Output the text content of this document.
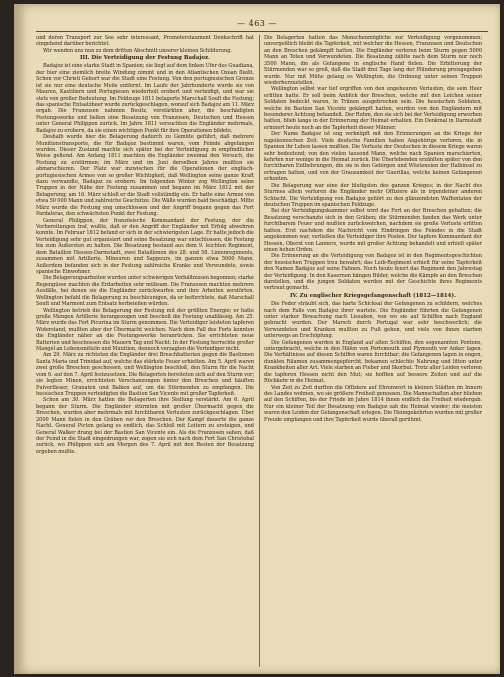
— 463 —

und deren Transport zur See sehr interessant, Prometerstaument Denkschrift hat eingehend darüber berichtet.

Wir wenden uns nun zu dem dritten Abschnitt unserer kleinen Schilderung.

III. Die Verteidigung der Festung Badajoz.

Badajoz ist eine starke Stadt in Spanien; sie liegt auf dem linken Ufer des Guadiana, der hier eine ziemlich breite Windung nimmt und in den Atlantischen Ozean fließt. Schon vor Christi Geburt war die Stadt eine Festung. Von den portugiesischen Grenze ist sie nur eine deutsche Meile entfernt. Im Laufe der Jahrhunderte wurde sie von Mauren, Kastiliern und Portugiesen wiederholt erobert und verteidigt, und war sie stets von großer Bedeutung. Im Feldzuge 1811 belagerte Marschall Soult die Festung; das spanische Entsatzheer wurde zurückgeschlagen, worauf sich Badajoz am 11. März ergab. Die Franzosen nahmen Besitz, verstärkten aber, die beschädigten Festungswerke und ließen eine Besatzung von Franzosen, Deutschen und Hessen unter General Philippon zurück. Im Jahre 1811 versuchten die Engländer mehrmals, Badajoz zu erobern, da sie einen wichtigen Punkt für ihre Operationen bildete.

Deshalb wurde hier die Belagerung dadurch zu Gemüte geführt, daß mehrere Munitionstransporte, die für Badajoz bestimmt waren, vom Feinde abgefangen wurden. Dieser Zustand machte sich später bei der Verteidigung in empfindlicher Weise geltend. Am Anfang 1811 machten die Engländer zweimal den Versuch, die Festung zu erstürmen; im März und im Juni derselben Jahres mußten sie abmarschieren. Der Platz war inzwischen für die Operationen der englisch-portugiesischen Armee von so großer Wichtigkeit, daß Wellington seine ganze Kraft dazu verwandte, Badajoz zu erobern. Im folgenden Winter zog Wellington seine Truppen in der Nähe der Festung zusammen und begann im März 1812 mit der Belagerung; am 16. März schloß er die Stadt vollständig ein. Er hatte eine Armee von etwa 50 000 Mann und zahlreiche Geschütze. Die Wälle wurden bald beschädigt. Mitte März wurde die Festung eng umschlossen und der Angriff begann gegen das Fort Pardaleras, den schwächsten Punkt der Festung.

General Philippon, der französische Kommandant der Festung, der die Vorbereitungen traf, wußte, daß er den Angriff der Engländer mit Erfolg abwehren konnte. Im Februar 1812 befand er sich in der schwierigsten Lage. Er hatte jedoch die Verteidigung sehr gut organisiert und seine Besatzung war entschlossen, die Festung bis zum Äußersten zu halten. Die Besatzung bestand aus dem 9. leichten Regiment, dem Bataillon Hessen-Darmstadt, zwei Bataillonen des 28. und 58. Linienregiments, zusammen mit Artillerie, Mineuren und Sappeurs, im ganzen etwa 5000 Mann. Außerdem befanden sich in der Festung zahlreiche Kranke und Verwundete, sowie spanische Einwohner.

Die Belagerungsarbeiten wurden unter schwierigen Verhältnissen begonnen; starke Regengüsse machten die Erdarbeiten sehr mühsam. Die Franzosen machten mehrere Ausfälle, bei denen sie die Engländer zurückwarfen und ihre Arbeiten zerstörten. Wellington befahl die Belagerung zu beschleunigen, da er befürchtete, daß Marschall Soult und Marmont zum Entsatz herbeieilen würden.

Wellington betrieb die Belagerung der Festung mit der größten Energie; er hatte große Mengen Artillerie herangezogen und beschoß die Festung unablässig. Am 25. März wurde das Fort Picurina im Sturm genommen. Die Verteidiger leisteten tapferen Widerstand, mußten aber der Übermacht weichen. Nach dem Fall des Forts konnten die Engländer näher an die Festungswerke heranrücken. Sie errichteten neue Batterien und beschossen die Mauern Tag und Nacht. In der Festung herrschte großer Mangel an Lebensmitteln und Munition, dennoch verzagten die Verteidiger nicht.

Am 29. März zu richteten die Engländer drei Breschbatterien gegen die Bastionen Santa Maria und Trinidad auf, welche das stärkste Feuer erhielten. Am 5. April waren zwei große Breschen geschossen, und Wellington beschloß, den Sturm für die Nacht vom 6. auf den 7. April festzusetzen. Die Belagerten bereiteten sich auf den Sturm vor; sie legten Minen, errichteten Verschanzungen hinter den Breschen und häuften Pulverfässer, Granaten und Balken auf, um die Stürmenden zu empfangen. Die hessischen Truppen verteidigten die Bastion San Vicente mit großer Tapferkeit.

Schon am 30. März hatten die Belagerten ihre Stellung verstärkt. Am 6. April begann der Sturm. Die Engländer stürmten mit großer Übermacht gegen die Breschen, wurden aber mehrmals mit furchtbaren Verlusten zurückgeschlagen. Über 2000 Mann fielen in den Gräben vor den Breschen. Der Kampf dauerte die ganze Nacht. General Picton gelang es endlich, das Schloß mit Leitern zu ersteigen, und General Walker drang bei der Bastion San Vicente ein. Als die Franzosen sahen, daß der Feind in die Stadt eingedrungen war, zogen sie sich nach dem Fort San Christobal zurück, wo Philippon sich am Morgen des 7. April mit den Resten der Besatzung ergeben mußte.

Die Belagerten hatten das Menschenmögliche zur Verteidigung vorgenommen; unvergeßlich bleibt die Tapferkeit, mit welcher die Hessen, Franzosen und Deutschen an den Breschen gekämpft hatten. Die Engländer verloren beim Sturm gegen 5000 Mann an Toten und Verwundeten. Die Besatzung zählte nach dem Sturm nur noch 3500 Mann, die als Gefangene in englische Hand fielen. Die Erbitterung der Stürmenden war so groß, daß die Stadt drei Tage lang der Plünderung preisgegeben wurde. Nur mit Mühe gelang es Wellington, die Ordnung unter seinen Truppen wiederherzustellen.

Wellington selbst war tief ergriffen von den ungeheuren Verlusten, die sein Heer erlitten hatte. Er soll beim Anblick der Breschen, welche mit den Leichen seiner Soldaten bedeckt waren, in Tränen ausgebrochen sein. Die hessischen Soldaten, welche im Bastion San Vicente gekämpft hatten, wurden von den Engländern mit besonderer Achtung behandelt. Der Ruhm, den sie sich bei der Verteidigung erworben hatten, blieb lange in der Erinnerung der Heimat erhalten. Ein Denkmal in Darmstadt erinnert heute noch an die Tapferkeit dieser Männer.

Der Name Badajoz ist eng verknüpft mit den Erinnerungen an die Kriege der napoleonischen Zeit. Viele deutsche Familien haben Angehörige verloren, die in Spanien ihr Leben lassen mußten. Die Verluste der Deutschen in diesem Kriege waren sehr bedeutend; von den vielen tausend Mann, welche nach Spanien marschierten, kehrten nur wenige in die Heimat zurück. Die Überlebenden erzählten später von den furchtbaren Entbehrungen, die sie in den Gebirgen und Wüsteneien der Halbinsel zu ertragen hatten, und von der Grausamkeit der Guerillas, welche keinen Gefangenen schonten.

Die Belagerung war eine der blutigsten des ganzen Krieges; in der Nacht des Sturmes allein verloren die Engländer mehr Offiziere als in irgendeiner anderen Schlacht. Die Verteidigung von Badajoz gehört zu den glänzendsten Waffentaten der deutschen Truppen im spanischen Feldzuge.

Bei der Verteidigungskammer selbst wird das Fort an der Breschen gehalten; die Besatzung verschanzte sich in den Gräben; die Stürmenden fanden das Werk unter furchtbarem Feuer und mußten zurückweichen, nachdem sie große Verluste erlitten hatten. Erst nachdem die Nachricht vom Eindringen des Feindes in die Stadt angekommen war, verließen die Verteidiger ihre Posten. Der tapfere Kommandant der Hessen, Oberst von Lanners, wurde mit großer Achtung behandelt und erhielt später einen hohen Orden.

Die Erinnerung an die Verteidigung von Badajoz ist in den Regimentsgeschichten der hessischen Truppen treu bewahrt; das Leib-Regiment erhielt für seine Tapferkeit den Namen Badajoz auf seine Fahnen. Noch heute feiert das Regiment den Jahrestag der Verteidigung. In den Kasernen hängen Bilder, welche die Kämpfe an den Breschen darstellen, und die jungen Soldaten werden mit der Geschichte ihres Regiments vertraut gemacht.

IV. Zu englischer Kriegsgefangenschaft (1812—1814).

Die Feder sträubt sich, das harte Schicksal der Gefangenen zu schildern, welches nach dem Falle von Badajoz ihrer wartete. Die Engländer führten die Gefangenen unter starker Bewachung nach Lissabon, von wo sie auf Schiffen nach England gebracht wurden. Der Marsch durch Portugal war sehr beschwerlich; die Verwundeten und Kranken mußten zu Fuß gehen, und viele von ihnen starben unterwegs an Erschöpfung.

Die Gefangenen wurden in England auf alten Schiffen, den sogenannten Pontons, untergebracht, welche in den Häfen von Portsmouth und Plymouth vor Anker lagen. Die Verhältnisse auf diesen Schiffen waren furchtbar; die Gefangenen lagen in engen, dunklen Räumen zusammengepfercht, bekamen schlechte Nahrung und litten unter Krankheiten aller Art. Viele starben an Fieber und Skorbut. Trotz aller Leiden verloren die tapferen Hessen nicht den Mut; sie hofften auf bessere Zeiten und auf die Rückkehr in die Heimat.

Von Zeit zu Zeit durften die Offiziere auf Ehrenwort in kleinen Städten im Innern des Landes wohnen, wo sie größere Freiheit genossen. Die Mannschaften aber blieben auf den Schiffen, bis der Friede im Jahre 1814 ihnen endlich die Freiheit wiedergab. Nur ein kleiner Teil der Besatzung von Badajoz sah die Heimat wieder; die meisten waren den Leiden der Gefangenschaft erlegen. Die Heimgekehrten wurden mit großer Freude empfangen und ihre Tapferkeit wurde überall gerühmt.
